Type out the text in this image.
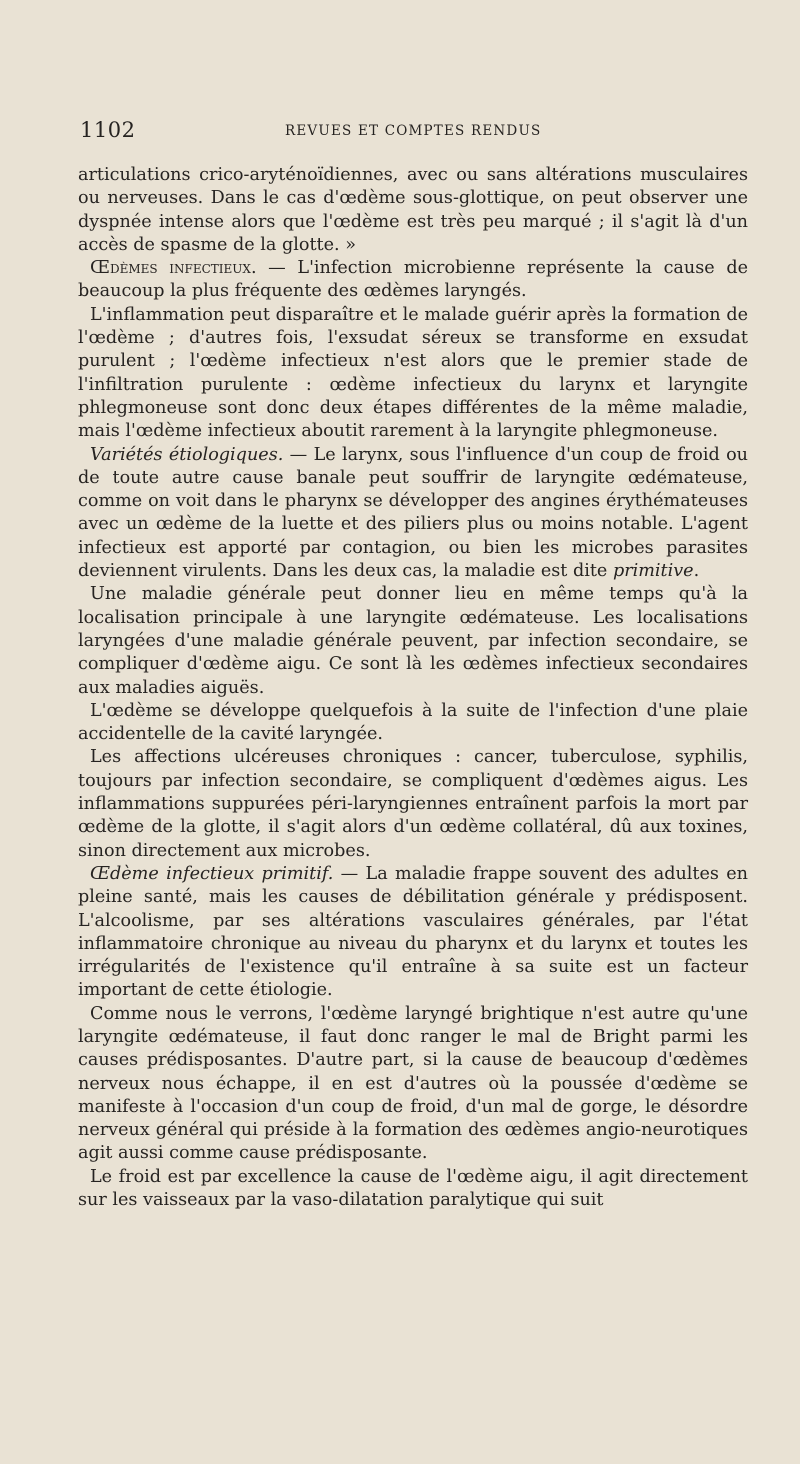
1102	REVUES ET COMPTES RENDUS

articulations crico-aryténoïdiennes, avec ou sans altérations musculaires ou nerveuses. Dans le cas d'œdème sous-glottique, on peut observer une dyspnée intense alors que l'œdème est très peu marqué ; il s'agit là d'un accès de spasme de la glotte. »

Œdèmes infectieux. — L'infection microbienne représente la cause de beaucoup la plus fréquente des œdèmes laryngés.

L'inflammation peut disparaître et le malade guérir après la formation de l'œdème ; d'autres fois, l'exsudat séreux se transforme en exsudat purulent ; l'œdème infectieux n'est alors que le premier stade de l'infiltration purulente : œdème infectieux du larynx et laryngite phlegmoneuse sont donc deux étapes différentes de la même maladie, mais l'œdème infectieux aboutit rarement à la laryngite phlegmoneuse.

Variétés étiologiques. — Le larynx, sous l'influence d'un coup de froid ou de toute autre cause banale peut souffrir de laryngite œdémateuse, comme on voit dans le pharynx se développer des angines érythémateuses avec un œdème de la luette et des piliers plus ou moins notable. L'agent infectieux est apporté par contagion, ou bien les microbes parasites deviennent virulents. Dans les deux cas, la maladie est dite primitive.

Une maladie générale peut donner lieu en même temps qu'à la localisation principale à une laryngite œdémateuse. Les localisations laryngées d'une maladie générale peuvent, par infection secondaire, se compliquer d'œdème aigu. Ce sont là les œdèmes infectieux secondaires aux maladies aiguës.

L'œdème se développe quelquefois à la suite de l'infection d'une plaie accidentelle de la cavité laryngée.

Les affections ulcéreuses chroniques : cancer, tuberculose, syphilis, toujours par infection secondaire, se compliquent d'œdèmes aigus. Les inflammations suppurées péri-laryngiennes entraînent parfois la mort par œdème de la glotte, il s'agit alors d'un œdème collatéral, dû aux toxines, sinon directement aux microbes.

Œdème infectieux primitif. — La maladie frappe souvent des adultes en pleine santé, mais les causes de débilitation générale y prédisposent. L'alcoolisme, par ses altérations vasculaires générales, par l'état inflammatoire chronique au niveau du pharynx et du larynx et toutes les irrégularités de l'existence qu'il entraîne à sa suite est un facteur important de cette étiologie.

Comme nous le verrons, l'œdème laryngé brightique n'est autre qu'une laryngite œdémateuse, il faut donc ranger le mal de Bright parmi les causes prédisposantes. D'autre part, si la cause de beaucoup d'œdèmes nerveux nous échappe, il en est d'autres où la poussée d'œdème se manifeste à l'occasion d'un coup de froid, d'un mal de gorge, le désordre nerveux général qui préside à la formation des œdèmes angio-neurotiques agit aussi comme cause prédisposante.

Le froid est par excellence la cause de l'œdème aigu, il agit directement sur les vaisseaux par la vaso-dilatation paralytique qui suit
